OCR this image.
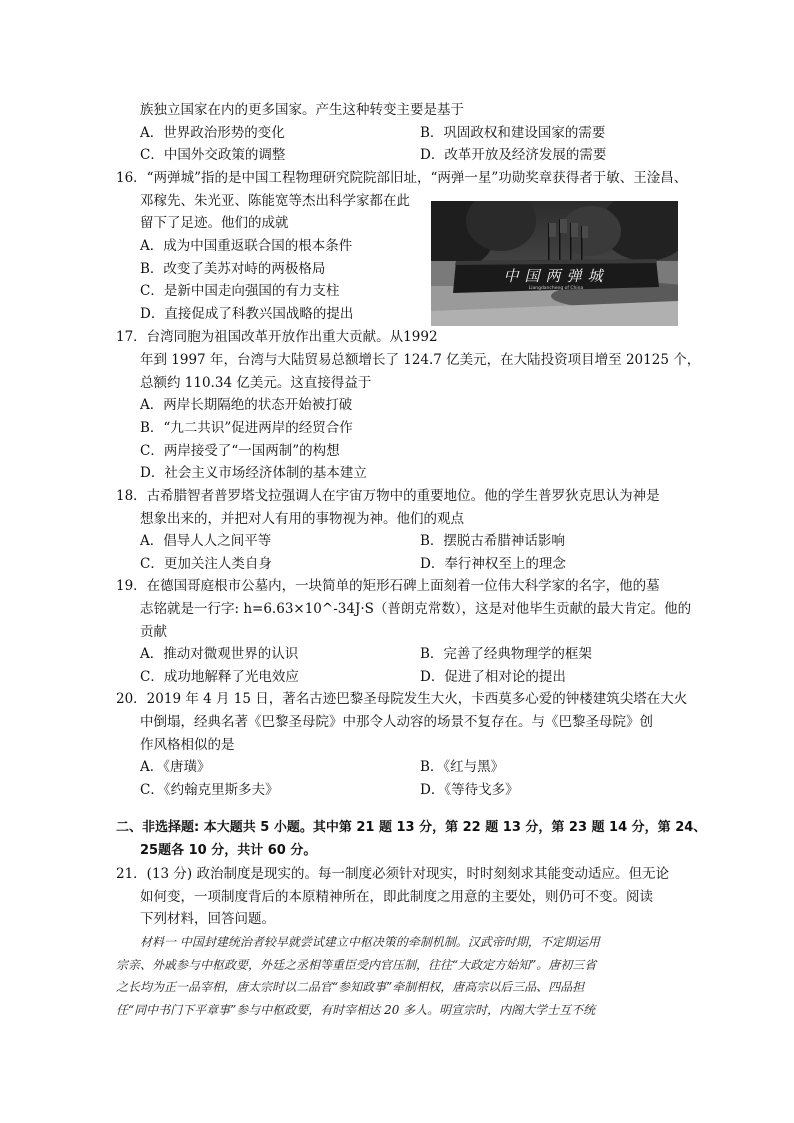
族独立国家在内的更多国家。产生这种转变主要是基于
A．世界政治形势的变化	B．巩固政权和建设国家的需要
C．中国外交政策的调整	D．改革开放及经济发展的需要
16．“两弹城”指的是中国工程物理研究院院部旧址，“两弹一星”功勋奖章获得者于敏、王淦昌、
邓稼先、朱光亚、陈能宽等杰出科学家都在此
留下了足迹。他们的成就
A．成为中国重返联合国的根本条件
B．改变了美苏对峙的两极格局
C．是新中国走向强国的有力支柱
D．直接促成了科教兴国战略的提出
中国两弹城
Liangdancheng of China
17．台湾同胞为祖国改革开放作出重大贡献。从1992
年到 1997 年，台湾与大陆贸易总额增长了 124.7 亿美元，在大陆投资项目增至 20125 个，
总额约 110.34 亿美元。这直接得益于
A．两岸长期隔绝的状态开始被打破
B．“九二共识”促进两岸的经贸合作
C．两岸接受了“一国两制”的构想
D．社会主义市场经济体制的基本建立
18．古希腊智者普罗塔戈拉强调人在宇宙万物中的重要地位。他的学生普罗狄克思认为神是
想象出来的，并把对人有用的事物视为神。他们的观点
A．倡导人人之间平等	B．摆脱古希腊神话影响
C．更加关注人类自身	D．奉行神权至上的理念
19．在德国哥庭根市公墓内，一块简单的矩形石碑上面刻着一位伟大科学家的名字，他的墓
志铭就是一行字: h=6.63×10^-34J·S（普朗克常数），这是对他毕生贡献的最大肯定。他的
贡献
A．推动对微观世界的认识	B．完善了经典物理学的框架
C．成功地解释了光电效应	D．促进了相对论的提出
20．2019 年 4 月 15 日，著名古迹巴黎圣母院发生大火，卡西莫多心爱的钟楼建筑尖塔在大火
中倒塌，经典名著《巴黎圣母院》中那令人动容的场景不复存在。与《巴黎圣母院》创
作风格相似的是
A．《唐璜》	B．《红与黑》
C．《约翰克里斯多夫》	D．《等待戈多》
二、非选择题: 本大题共 5 小题。其中第 21 题 13 分，第 22 题 13 分，第 23 题 14 分，第 24、
25题各 10 分，共计 60 分。
21．(13 分) 政治制度是现实的。每一制度必须针对现实，时时刻刻求其能变动适应。但无论
如何变，一项制度背后的本原精神所在，即此制度之用意的主要处，则仍可不变。阅读
下列材料，回答问题。
材料一 中国封建统治者较早就尝试建立中枢决策的牵制机制。汉武帝时期，不定期运用
宗亲、外戚参与中枢政要，外廷之丞相等重臣受内官压制，往往“大政定方始知”。唐初三省
之长均为正一品宰相，唐太宗时以二品官“参知政事”牵制相权，唐高宗以后三品、四品担
任“同中书门下平章事”参与中枢政要，有时宰相达 20 多人。明宣宗时，内阁大学士互不统
